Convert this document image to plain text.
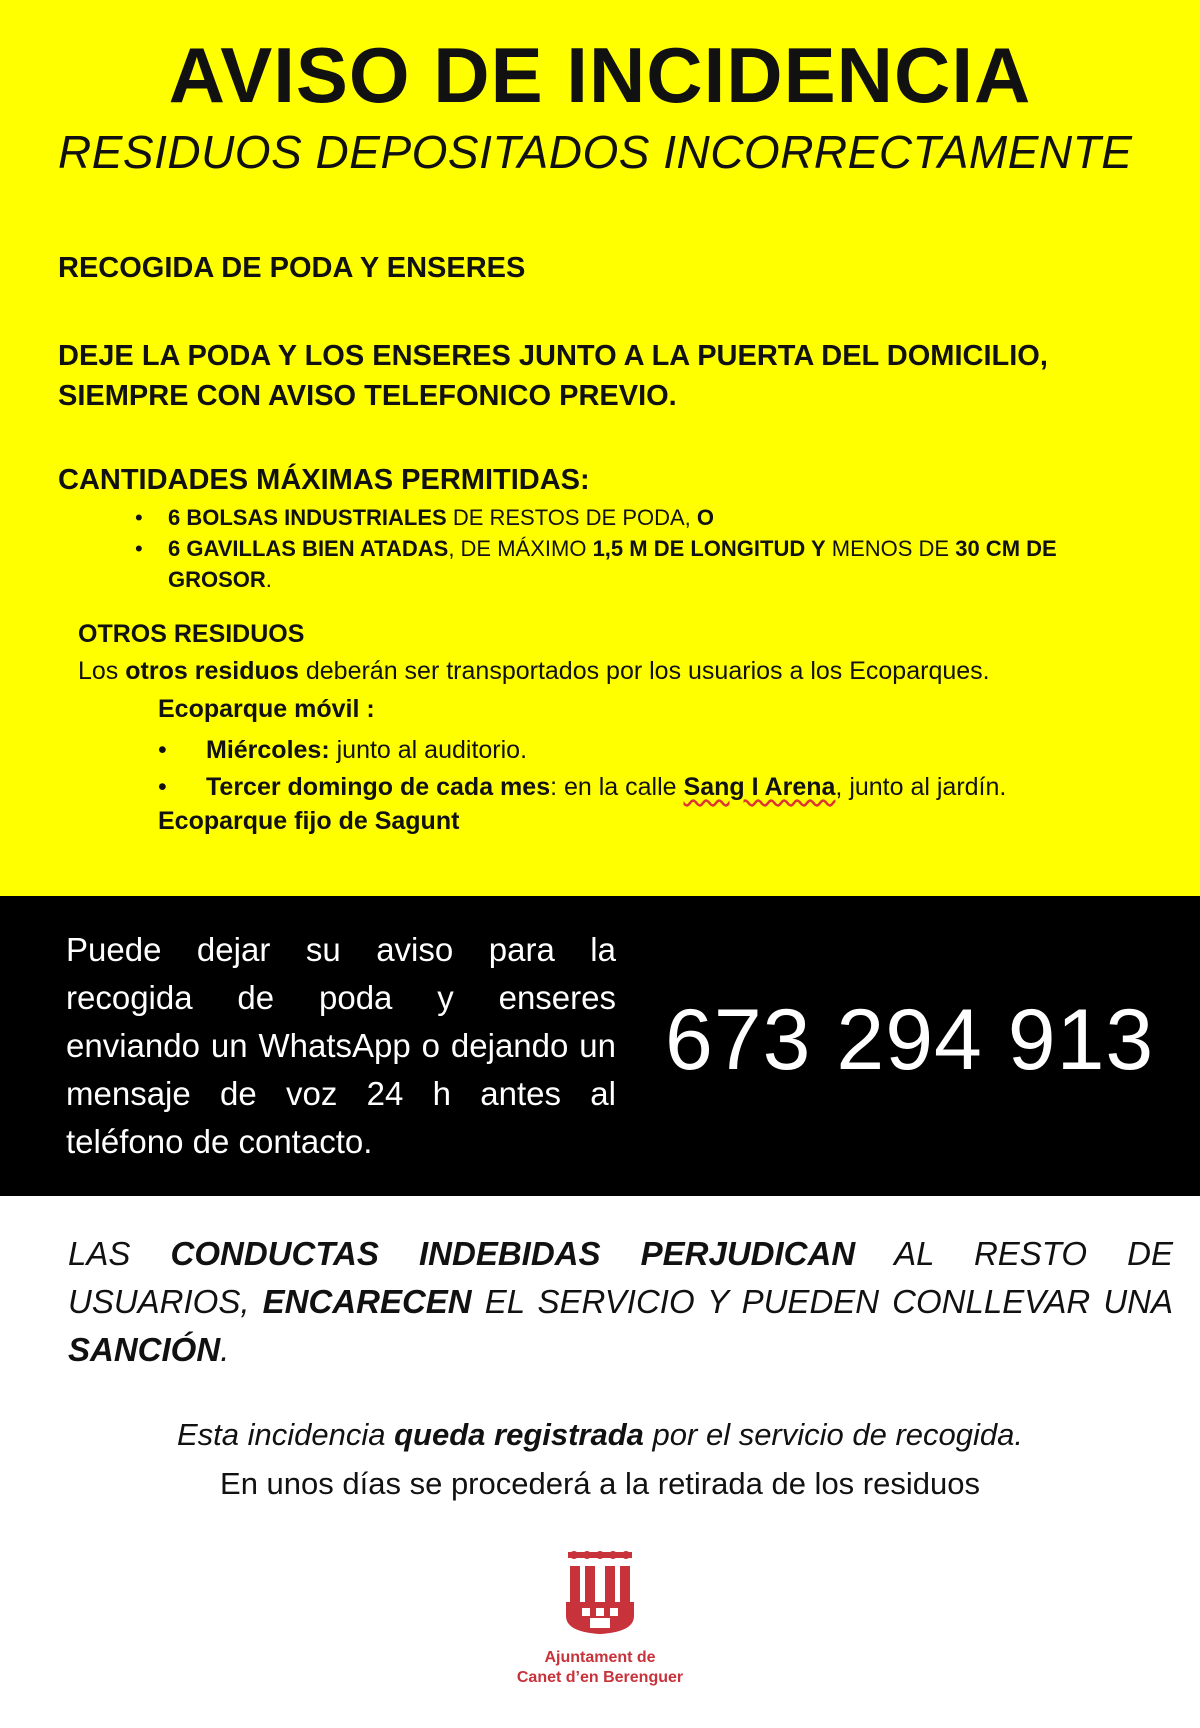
AVISO DE INCIDENCIA
RESIDUOS DEPOSITADOS INCORRECTAMENTE
RECOGIDA DE PODA Y ENSERES
DEJE LA PODA Y LOS ENSERES JUNTO A LA PUERTA DEL DOMICILIO,
SIEMPRE CON AVISO TELEFONICO PREVIO.
CANTIDADES MÁXIMAS PERMITIDAS:
• 6 BOLSAS INDUSTRIALES DE RESTOS DE PODA, O
• 6 GAVILLAS BIEN ATADAS, DE MÁXIMO 1,5 M DE LONGITUD Y MENOS DE 30 CM DE GROSOR.
OTROS RESIDUOS
Los otros residuos deberán ser transportados por los usuarios a los Ecoparques.
Ecoparque móvil :
• Miércoles: junto al auditorio.
• Tercer domingo de cada mes: en la calle Sang I Arena, junto al jardín.
Ecoparque fijo de Sagunt
Puede dejar su aviso para la recogida de poda y enseres enviando un WhatsApp o dejando un mensaje de voz 24 h antes al teléfono de contacto.
673 294 913
LAS CONDUCTAS INDEBIDAS PERJUDICAN AL RESTO DE USUARIOS, ENCARECEN EL SERVICIO Y PUEDEN CONLLEVAR UNA SANCIÓN.
Esta incidencia queda registrada por el servicio de recogida.
En unos días se procederá a la retirada de los residuos
Ajuntament de
Canet d’en Berenguer
